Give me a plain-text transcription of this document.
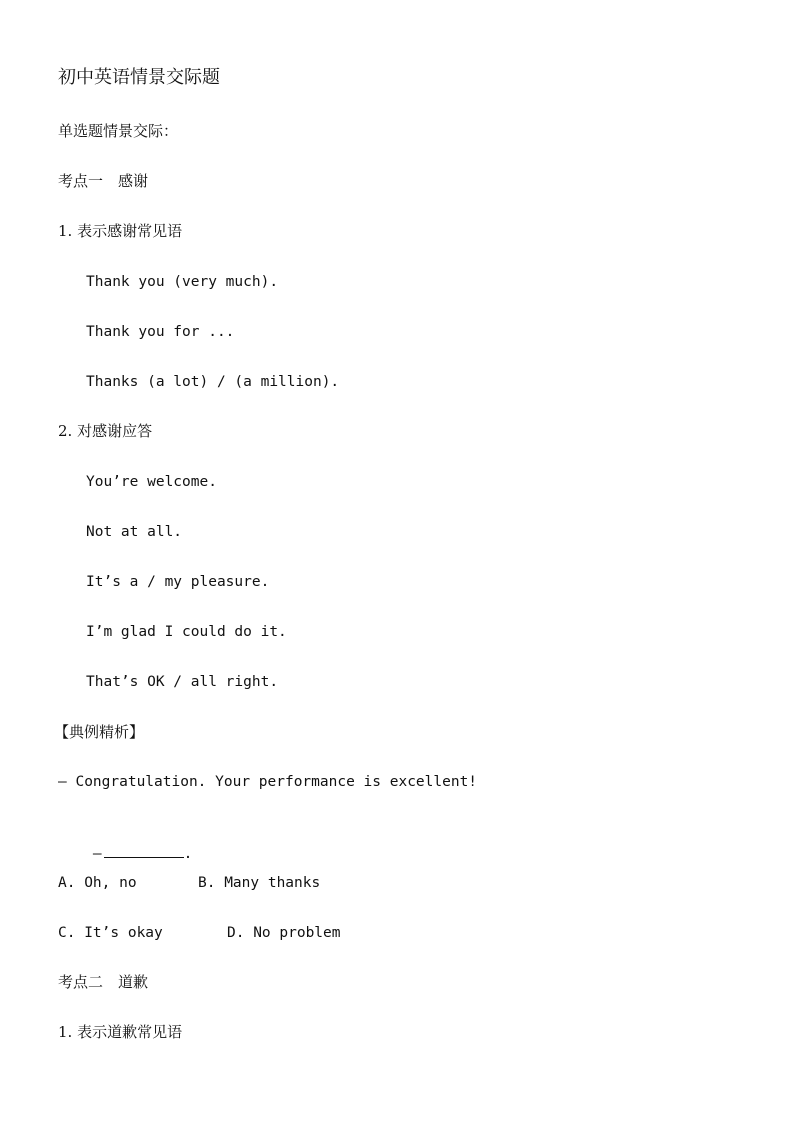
初中英语情景交际题
单选题情景交际：
考点一　感谢
1. 表示感谢常见语
Thank you (very much).
Thank you for ...
Thanks (a lot) / (a million).
2. 对感谢应答
You’re welcome.
Not at all.
It’s a / my pleasure.
I’m glad I could do it.
That’s OK / all right.
【典例精析】
— Congratulation. Your performance is excellent!

—	.

A. Oh, no	B. Many thanks
C. It’s okay	D. No problem
考点二　道歉
1. 表示道歉常见语
